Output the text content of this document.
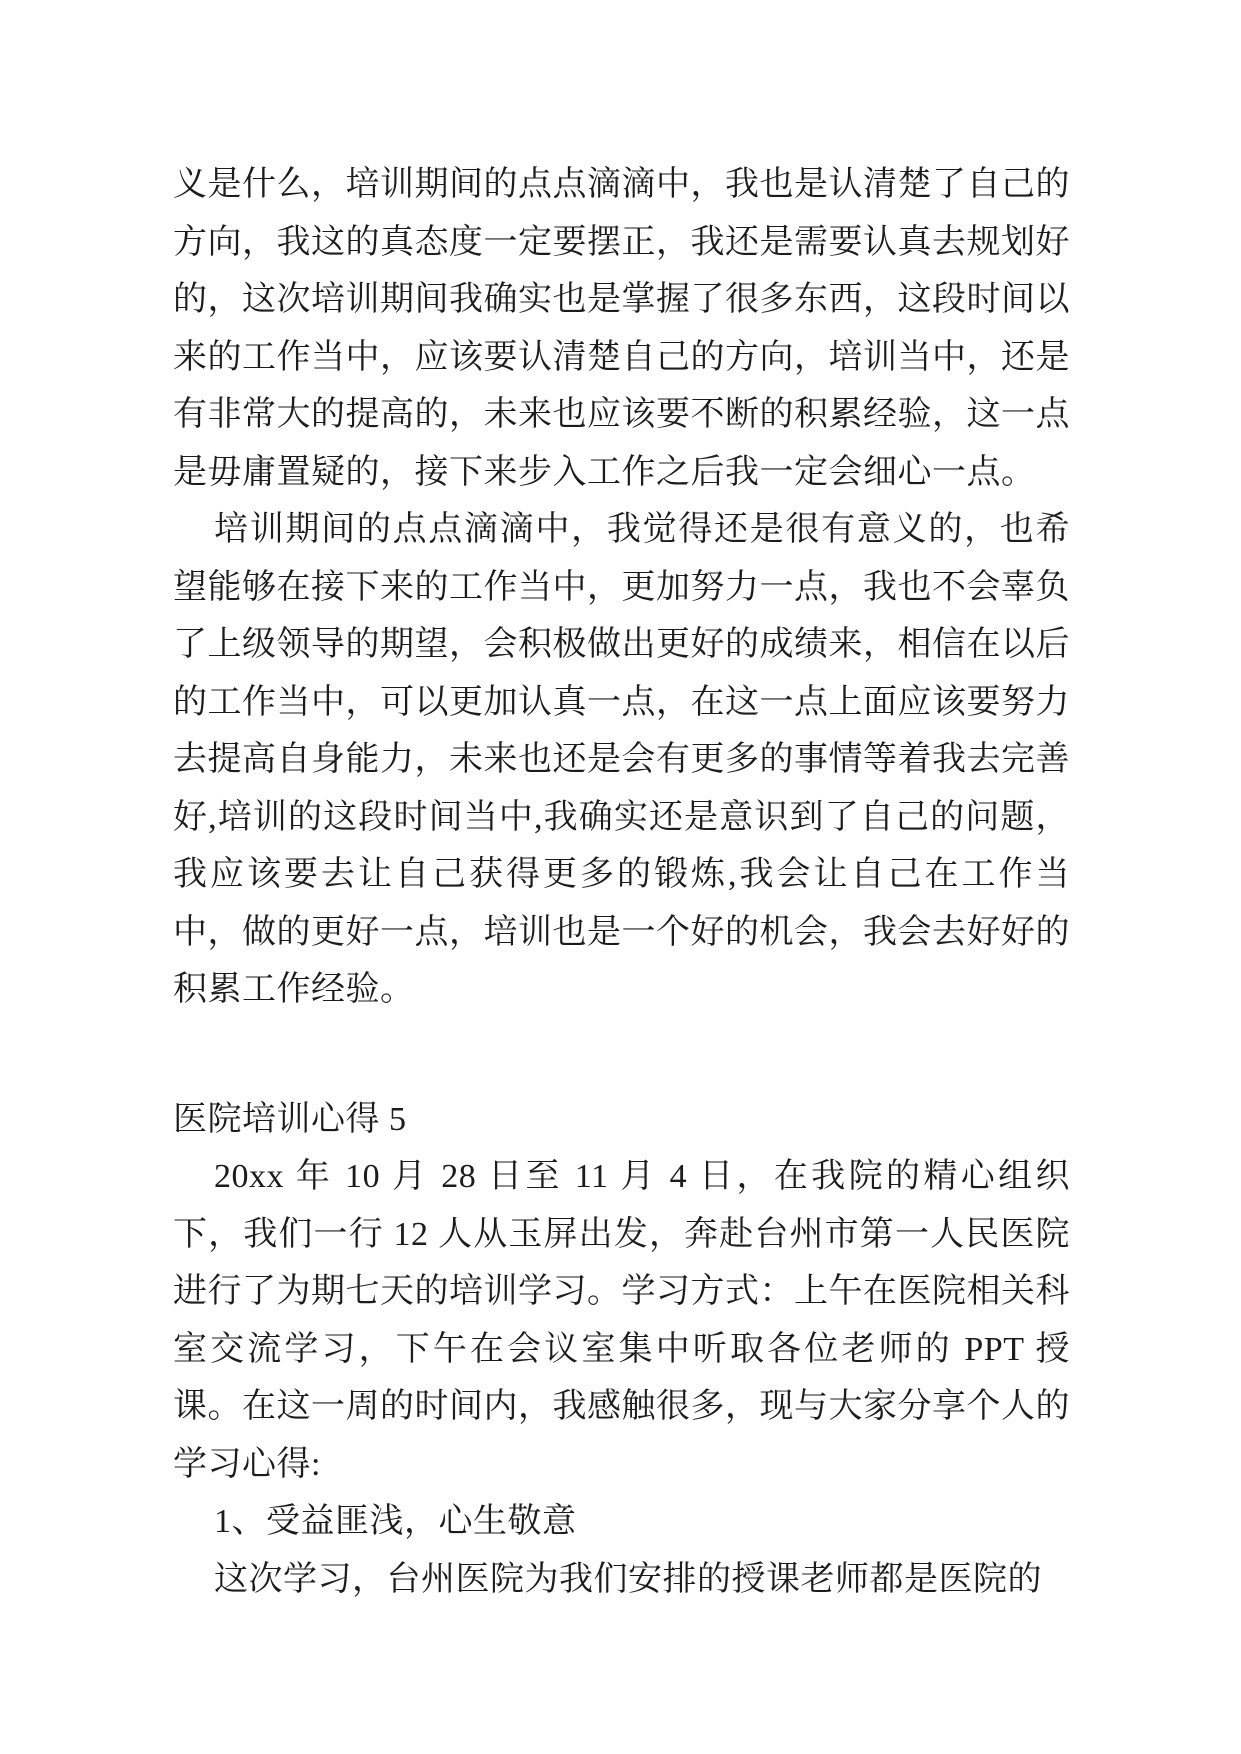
义是什么，培训期间的点点滴滴中，我也是认清楚了自己的方向，我这的真态度一定要摆正，我还是需要认真去规划好的，这次培训期间我确实也是掌握了很多东西，这段时间以来的工作当中，应该要认清楚自己的方向，培训当中，还是有非常大的提高的，未来也应该要不断的积累经验，这一点是毋庸置疑的，接下来步入工作之后我一定会细心一点。

培训期间的点点滴滴中，我觉得还是很有意义的，也希望能够在接下来的工作当中，更加努力一点，我也不会辜负了上级领导的期望，会积极做出更好的成绩来，相信在以后的工作当中，可以更加认真一点，在这一点上面应该要努力去提高自身能力，未来也还是会有更多的事情等着我去完善好,培训的这段时间当中,我确实还是意识到了自己的问题，我应该要去让自己获得更多的锻炼,我会让自己在工作当中，做的更好一点，培训也是一个好的机会，我会去好好的积累工作经验。

医院培训心得 5

20xx 年 10 月 28 日至 11 月 4 日，在我院的精心组织下，我们一行 12 人从玉屏出发，奔赴台州市第一人民医院进行了为期七天的培训学习。学习方式：上午在医院相关科室交流学习，下午在会议室集中听取各位老师的 PPT 授课。在这一周的时间内，我感触很多，现与大家分享个人的学习心得:

1、受益匪浅，心生敬意

这次学习，台州医院为我们安排的授课老师都是医院的
